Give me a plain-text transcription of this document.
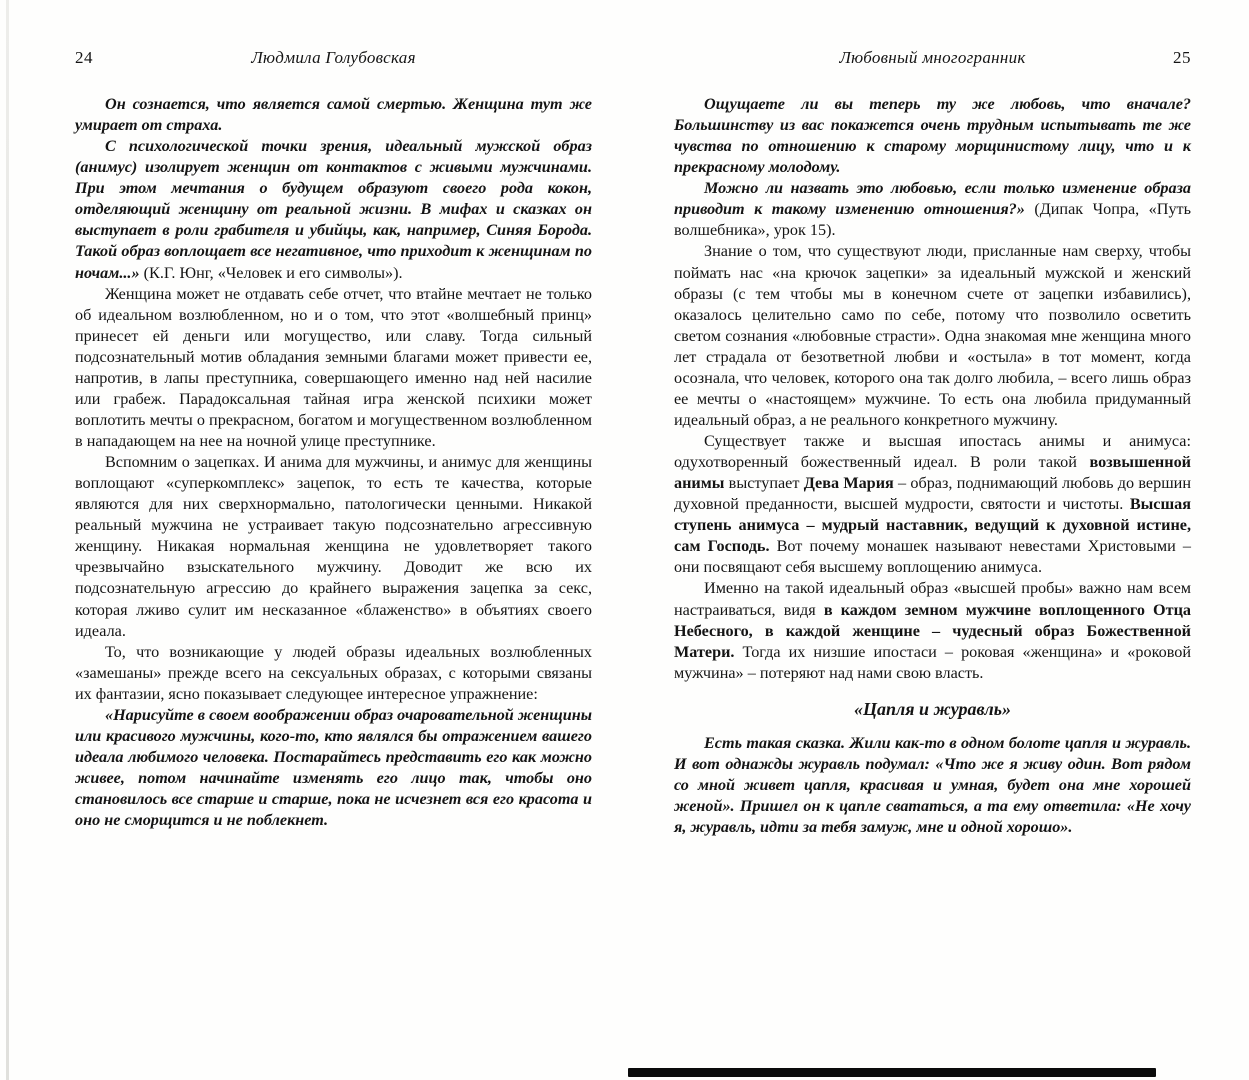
24	Людмила Голубовская

Он сознается, что является самой смертью. Женщина тут же умирает от страха.

С психологической точки зрения, идеальный мужской образ (анимус) изолирует женщин от контактов с живыми мужчинами. При этом мечтания о будущем образуют своего рода кокон, отделяющий женщину от реальной жизни. В мифах и сказках он выступает в роли грабителя и убийцы, как, например, Синяя Борода. Такой образ воплощает все негативное, что приходит к женщинам по ночам...» (К.Г. Юнг, «Человек и его символы»).

Женщина может не отдавать себе отчет, что втайне мечтает не только об идеальном возлюбленном, но и о том, что этот «волшебный принц» принесет ей деньги или могущество, или славу. Тогда сильный подсознательный мотив обладания земными благами может привести ее, напротив, в лапы преступника, совершающего именно над ней насилие или грабеж. Парадоксальная тайная игра женской психики может воплотить мечты о прекрасном, богатом и могущественном возлюбленном в нападающем на нее на ночной улице преступнике.

Вспомним о зацепках. И анима для мужчины, и анимус для женщины воплощают «суперкомплекс» зацепок, то есть те качества, которые являются для них сверхнормально, патологически ценными. Никакой реальный мужчина не устраивает такую подсознательно агрессивную женщину. Никакая нормальная женщина не удовлетворяет такого чрезвычайно взыскательного мужчину. Доводит же всю их подсознательную агрессию до крайнего выражения зацепка за секс, которая лживо сулит им несказанное «блаженство» в объятиях своего идеала.

То, что возникающие у людей образы идеальных возлюбленных «замешаны» прежде всего на сексуальных образах, с которыми связаны их фантазии, ясно показывает следующее интересное упражнение:

«Нарисуйте в своем воображении образ очаровательной женщины или красивого мужчины, кого-то, кто являлся бы отражением вашего идеала любимого человека. Постарайтесь представить его как можно живее, потом начинайте изменять его лицо так, чтобы оно становилось все старше и старше, пока не исчезнет вся его красота и оно не сморщится и не поблекнет.

Любовный многогранник	25

Ощущаете ли вы теперь ту же любовь, что вначале? Большинству из вас покажется очень трудным испытывать те же чувства по отношению к старому морщинистому лицу, что и к прекрасному молодому.

Можно ли назвать это любовью, если только изменение образа приводит к такому изменению отношения?» (Дипак Чопра, «Путь волшебника», урок 15).

Знание о том, что существуют люди, присланные нам сверху, чтобы поймать нас «на крючок зацепки» за идеальный мужской и женский образы (с тем чтобы мы в конечном счете от зацепки избавились), оказалось целительно само по себе, потому что позволило осветить светом сознания «любовные страсти». Одна знакомая мне женщина много лет страдала от безответной любви и «остыла» в тот момент, когда осознала, что человек, которого она так долго любила, – всего лишь образ ее мечты о «настоящем» мужчине. То есть она любила придуманный идеальный образ, а не реального конкретного мужчину.

Существует также и высшая ипостась анимы и анимуса: одухотворенный божественный идеал. В роли такой возвышенной анимы выступает Дева Мария – образ, поднимающий любовь до вершин духовной преданности, высшей мудрости, святости и чистоты. Высшая ступень анимуса – мудрый наставник, ведущий к духовной истине, сам Господь. Вот почему монашек называют невестами Христовыми – они посвящают себя высшему воплощению анимуса.

Именно на такой идеальный образ «высшей пробы» важно нам всем настраиваться, видя в каждом земном мужчине воплощенного Отца Небесного, в каждой женщине – чудесный образ Божественной Матери. Тогда их низшие ипостаси – роковая «женщина» и «роковой мужчина» – потеряют над нами свою власть.

«Цапля и журавль»

Есть такая сказка. Жили как-то в одном болоте цапля и журавль. И вот однажды журавль подумал: «Что же я живу один. Вот рядом со мной живет цапля, красивая и умная, будет она мне хорошей женой». Пришел он к цапле свататься, а та ему ответила: «Не хочу я, журавль, идти за тебя замуж, мне и одной хорошо».
